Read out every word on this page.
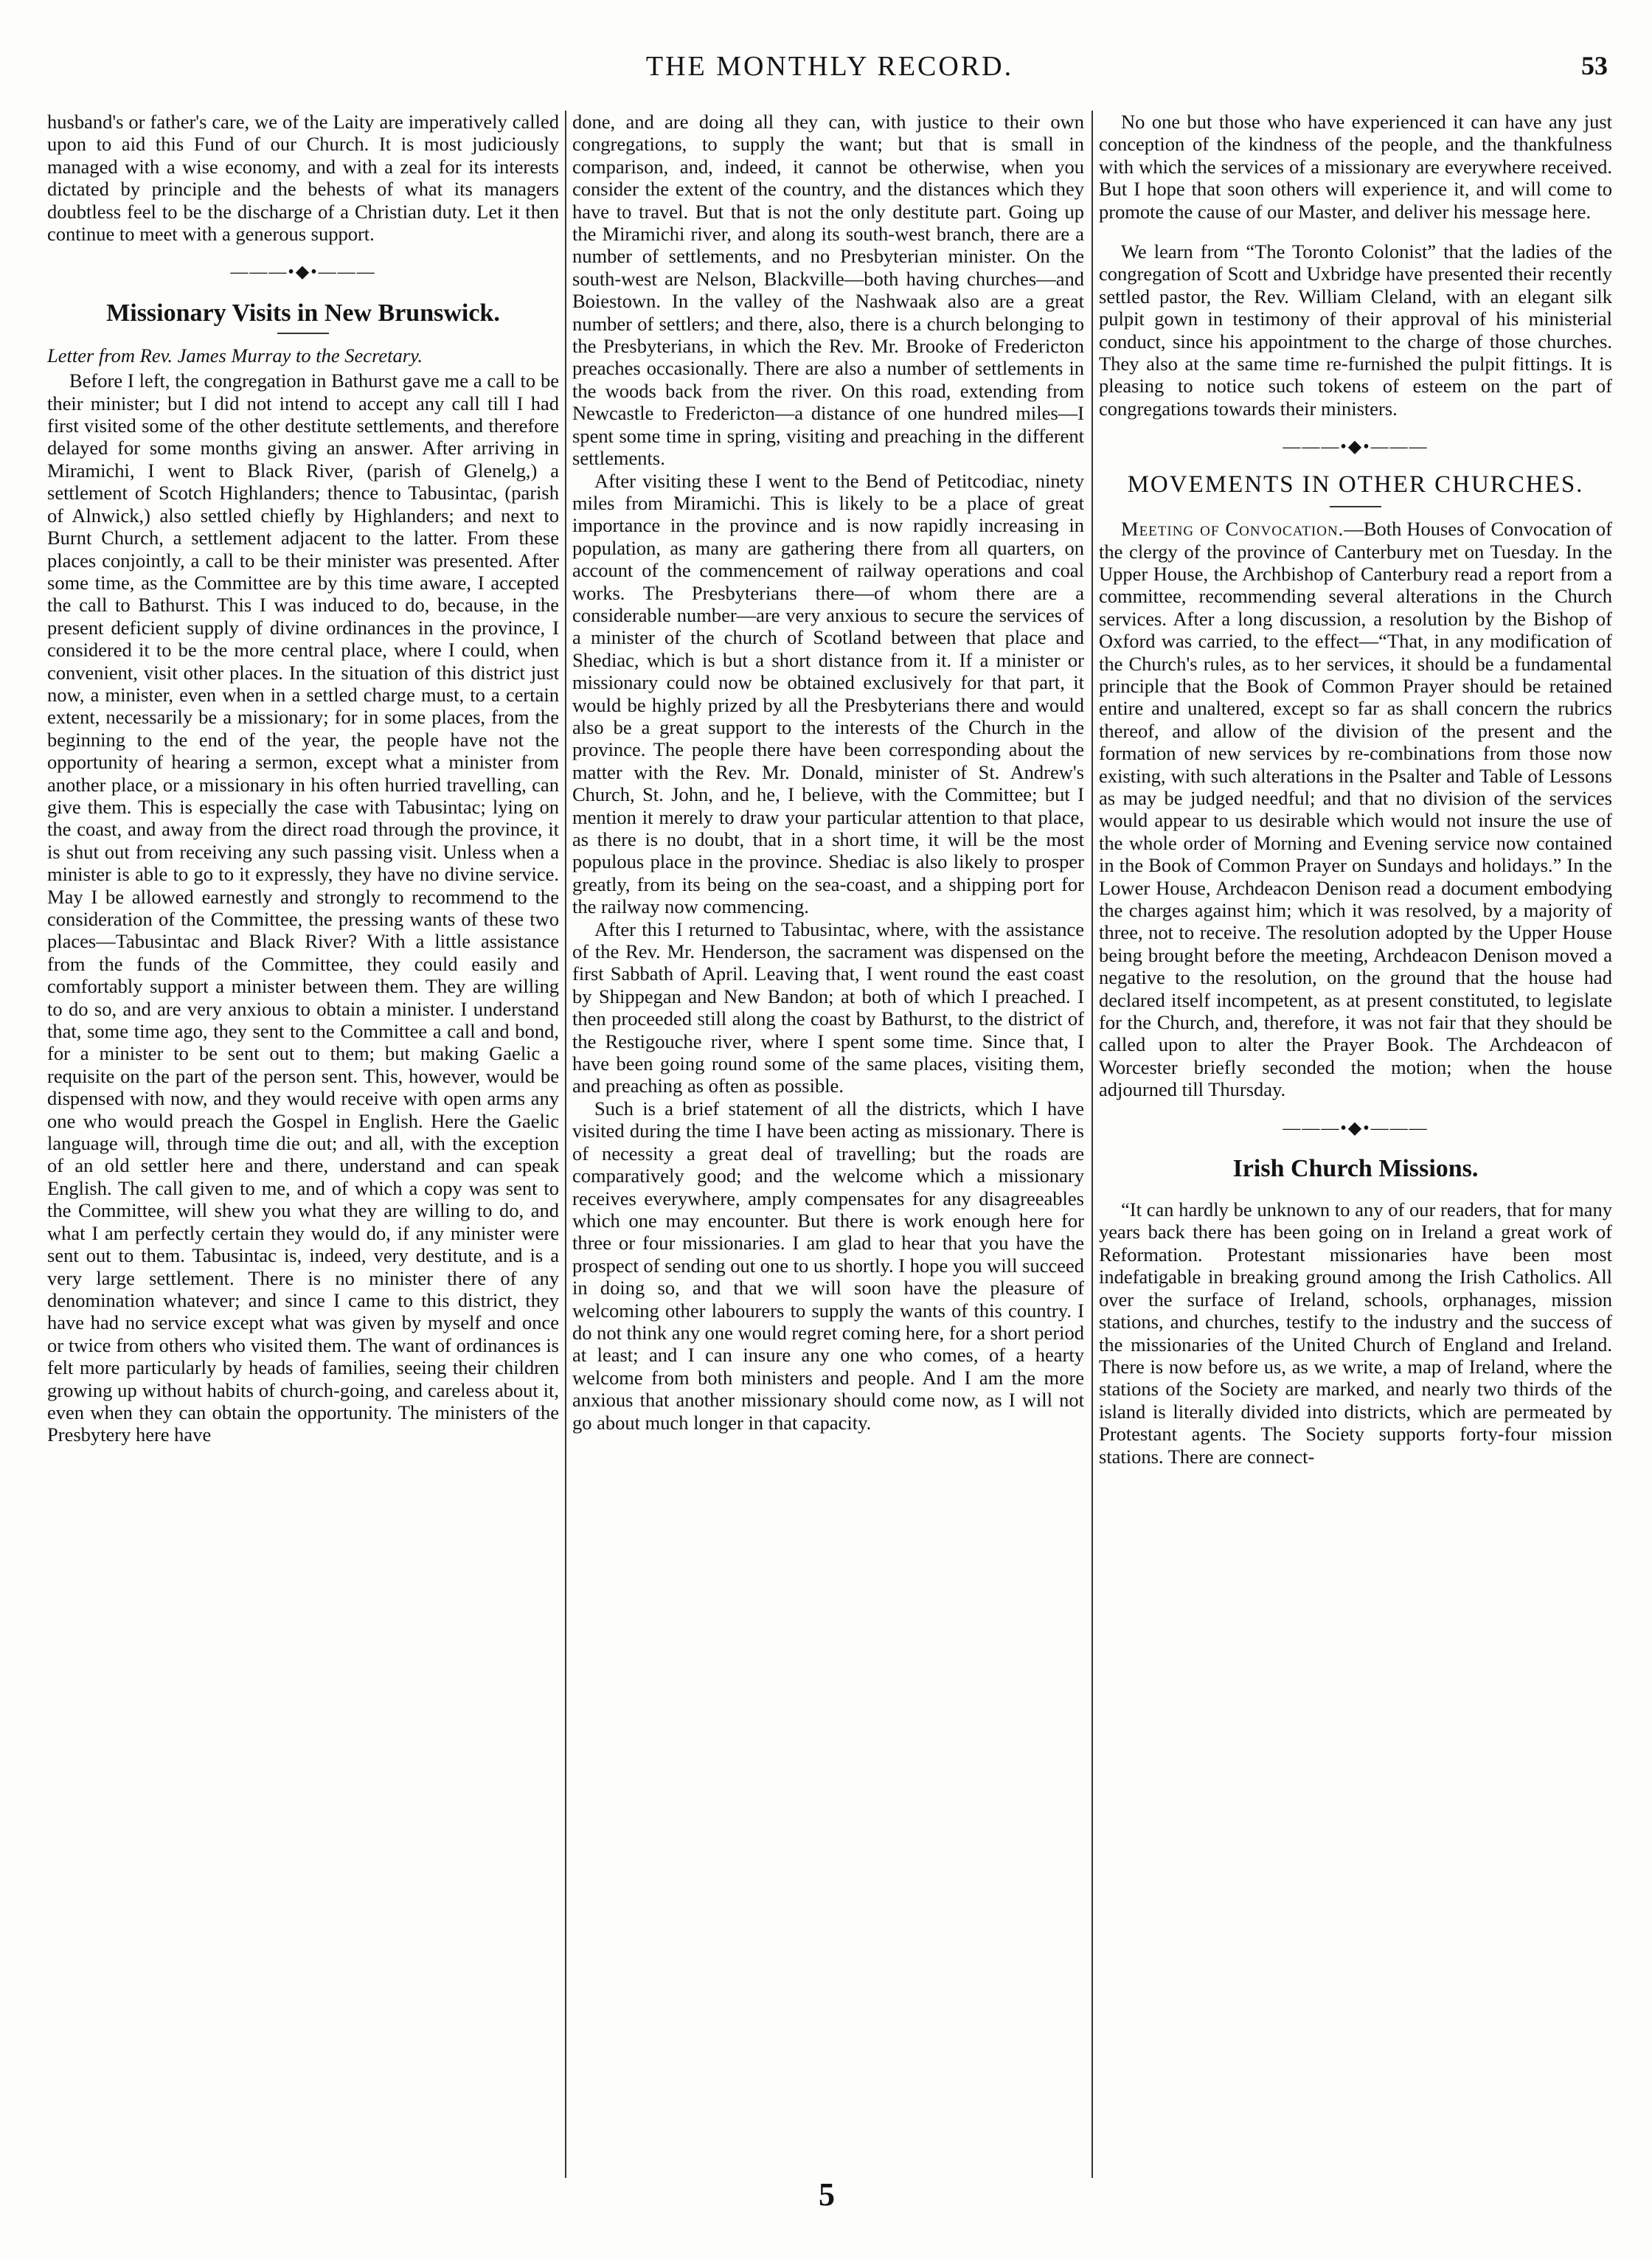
THE MONTHLY RECORD.	53

husband's or father's care, we of the Laity are imperatively called upon to aid this Fund of our Church. It is most judiciously managed with a wise economy, and with a zeal for its interests dictated by principle and the behests of what its managers doubtless feel to be the discharge of a Christian duty. Let it then continue to meet with a generous support.

———•◆•———
Missionary Visits in New Brunswick.

Letter from Rev. James Murray to the Secretary.

Before I left, the congregation in Bathurst gave me a call to be their minister; but I did not intend to accept any call till I had first visited some of the other destitute settlements, and therefore delayed for some months giving an answer. After arriving in Miramichi, I went to Black River, (parish of Glenelg,) a settlement of Scotch Highlanders; thence to Tabusintac, (parish of Alnwick,) also settled chiefly by Highlanders; and next to Burnt Church, a settlement adjacent to the latter. From these places conjointly, a call to be their minister was presented. After some time, as the Committee are by this time aware, I accepted the call to Bathurst. This I was induced to do, because, in the present deficient supply of divine ordinances in the province, I considered it to be the more central place, where I could, when convenient, visit other places. In the situation of this district just now, a minister, even when in a settled charge must, to a certain extent, necessarily be a missionary; for in some places, from the beginning to the end of the year, the people have not the opportunity of hearing a sermon, except what a minister from another place, or a missionary in his often hurried travelling, can give them. This is especially the case with Tabusintac; lying on the coast, and away from the direct road through the province, it is shut out from receiving any such passing visit. Unless when a minister is able to go to it expressly, they have no divine service. May I be allowed earnestly and strongly to recommend to the consideration of the Committee, the pressing wants of these two places—Tabusintac and Black River? With a little assistance from the funds of the Committee, they could easily and comfortably support a minister between them. They are willing to do so, and are very anxious to obtain a minister. I understand that, some time ago, they sent to the Committee a call and bond, for a minister to be sent out to them; but making Gaelic a requisite on the part of the person sent. This, however, would be dispensed with now, and they would receive with open arms any one who would preach the Gospel in English. Here the Gaelic language will, through time die out; and all, with the exception of an old settler here and there, understand and can speak English. The call given to me, and of which a copy was sent to the Committee, will shew you what they are willing to do, and what I am perfectly certain they would do, if any minister were sent out to them. Tabusintac is, indeed, very destitute, and is a very large settlement. There is no minister there of any denomination whatever; and since I came to this district, they have had no service except what was given by myself and once or twice from others who visited them. The want of ordinances is felt more particularly by heads of families, seeing their children growing up without habits of church-going, and careless about it, even when they can obtain the opportunity. The ministers of the Presbytery here have

done, and are doing all they can, with justice to their own congregations, to supply the want; but that is small in comparison, and, indeed, it cannot be otherwise, when you consider the extent of the country, and the distances which they have to travel. But that is not the only destitute part. Going up the Miramichi river, and along its south-west branch, there are a number of settlements, and no Presbyterian minister. On the south-west are Nelson, Blackville—both having churches—and Boiestown. In the valley of the Nashwaak also are a great number of settlers; and there, also, there is a church belonging to the Presbyterians, in which the Rev. Mr. Brooke of Fredericton preaches occasionally. There are also a number of settlements in the woods back from the river. On this road, extending from Newcastle to Fredericton—a distance of one hundred miles—I spent some time in spring, visiting and preaching in the different settlements.

After visiting these I went to the Bend of Petitcodiac, ninety miles from Miramichi. This is likely to be a place of great importance in the province and is now rapidly increasing in population, as many are gathering there from all quarters, on account of the commencement of railway operations and coal works. The Presbyterians there—of whom there are a considerable number—are very anxious to secure the services of a minister of the church of Scotland between that place and Shediac, which is but a short distance from it. If a minister or missionary could now be obtained exclusively for that part, it would be highly prized by all the Presbyterians there and would also be a great support to the interests of the Church in the province. The people there have been corresponding about the matter with the Rev. Mr. Donald, minister of St. Andrew's Church, St. John, and he, I believe, with the Committee; but I mention it merely to draw your particular attention to that place, as there is no doubt, that in a short time, it will be the most populous place in the province. Shediac is also likely to prosper greatly, from its being on the sea-coast, and a shipping port for the railway now commencing.

After this I returned to Tabusintac, where, with the assistance of the Rev. Mr. Henderson, the sacrament was dispensed on the first Sabbath of April. Leaving that, I went round the east coast by Shippegan and New Bandon; at both of which I preached. I then proceeded still along the coast by Bathurst, to the district of the Restigouche river, where I spent some time. Since that, I have been going round some of the same places, visiting them, and preaching as often as possible.

Such is a brief statement of all the districts, which I have visited during the time I have been acting as missionary. There is of necessity a great deal of travelling; but the roads are comparatively good; and the welcome which a missionary receives everywhere, amply compensates for any disagreeables which one may encounter. But there is work enough here for three or four missionaries. I am glad to hear that you have the prospect of sending out one to us shortly. I hope you will succeed in doing so, and that we will soon have the pleasure of welcoming other labourers to supply the wants of this country. I do not think any one would regret coming here, for a short period at least; and I can insure any one who comes, of a hearty welcome from both ministers and people. And I am the more anxious that another missionary should come now, as I will not go about much longer in that capacity.

No one but those who have experienced it can have any just conception of the kindness of the people, and the thankfulness with which the services of a missionary are everywhere received. But I hope that soon others will experience it, and will come to promote the cause of our Master, and deliver his message here.

We learn from “The Toronto Colonist” that the ladies of the congregation of Scott and Uxbridge have presented their recently settled pastor, the Rev. William Cleland, with an elegant silk pulpit gown in testimony of their approval of his ministerial conduct, since his appointment to the charge of those churches. They also at the same time re-furnished the pulpit fittings. It is pleasing to notice such tokens of esteem on the part of congregations towards their ministers.

———•◆•———
MOVEMENTS IN OTHER CHURCHES.

Meeting of Convocation.—Both Houses of Convocation of the clergy of the province of Canterbury met on Tuesday. In the Upper House, the Archbishop of Canterbury read a report from a committee, recommending several alterations in the Church services. After a long discussion, a resolution by the Bishop of Oxford was carried, to the effect—“That, in any modification of the Church's rules, as to her services, it should be a fundamental principle that the Book of Common Prayer should be retained entire and unaltered, except so far as shall concern the rubrics thereof, and allow of the division of the present and the formation of new services by re-combinations from those now existing, with such alterations in the Psalter and Table of Lessons as may be judged needful; and that no division of the services would appear to us desirable which would not insure the use of the whole order of Morning and Evening service now contained in the Book of Common Prayer on Sundays and holidays.” In the Lower House, Archdeacon Denison read a document embodying the charges against him; which it was resolved, by a majority of three, not to receive. The resolution adopted by the Upper House being brought before the meeting, Archdeacon Denison moved a negative to the resolution, on the ground that the house had declared itself incompetent, as at present constituted, to legislate for the Church, and, therefore, it was not fair that they should be called upon to alter the Prayer Book. The Archdeacon of Worcester briefly seconded the motion; when the house adjourned till Thursday.

———•◆•———
Irish Church Missions.

“It can hardly be unknown to any of our readers, that for many years back there has been going on in Ireland a great work of Reformation. Protestant missionaries have been most indefatigable in breaking ground among the Irish Catholics. All over the surface of Ireland, schools, orphanages, mission stations, and churches, testify to the industry and the success of the missionaries of the United Church of England and Ireland. There is now before us, as we write, a map of Ireland, where the stations of the Society are marked, and nearly two thirds of the island is literally divided into districts, which are permeated by Protestant agents. The Society supports forty-four mission stations. There are connect-

5
